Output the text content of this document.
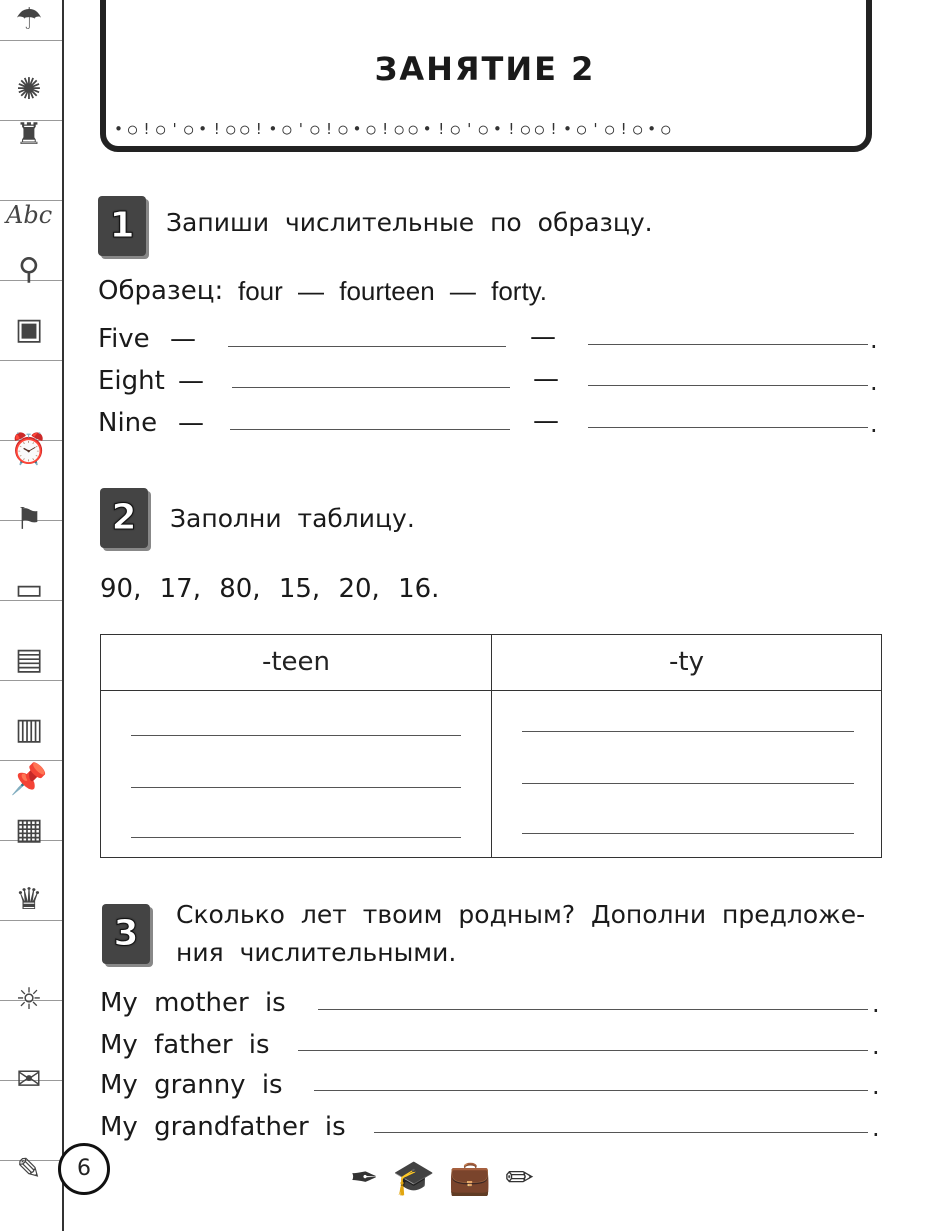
☂
✺
♜
Abc
⚲
▣
⏰
⚑
▭
▤
▥
📌
▦
♛
☼
✉
✎
•○!○'○•!○○!•○'○!○•○!○○•!○'○•!○○!•○'○!○•○
ЗАНЯТИЕ 2
1	Запиши числительные по образцу.
Образец: four — fourteen — forty.
Five —	—	.
Eight —	—	.
Nine —	—	.
2	Заполни таблицу.
90, 17, 80, 15, 20, 16.
-teen	-ty

3	Сколько лет твоим родным? Дополни предложе-
ния числительными.
My mother is	.
My father is	.
My granny is	.
My grandfather is	.
6	✒🎓💼✏
